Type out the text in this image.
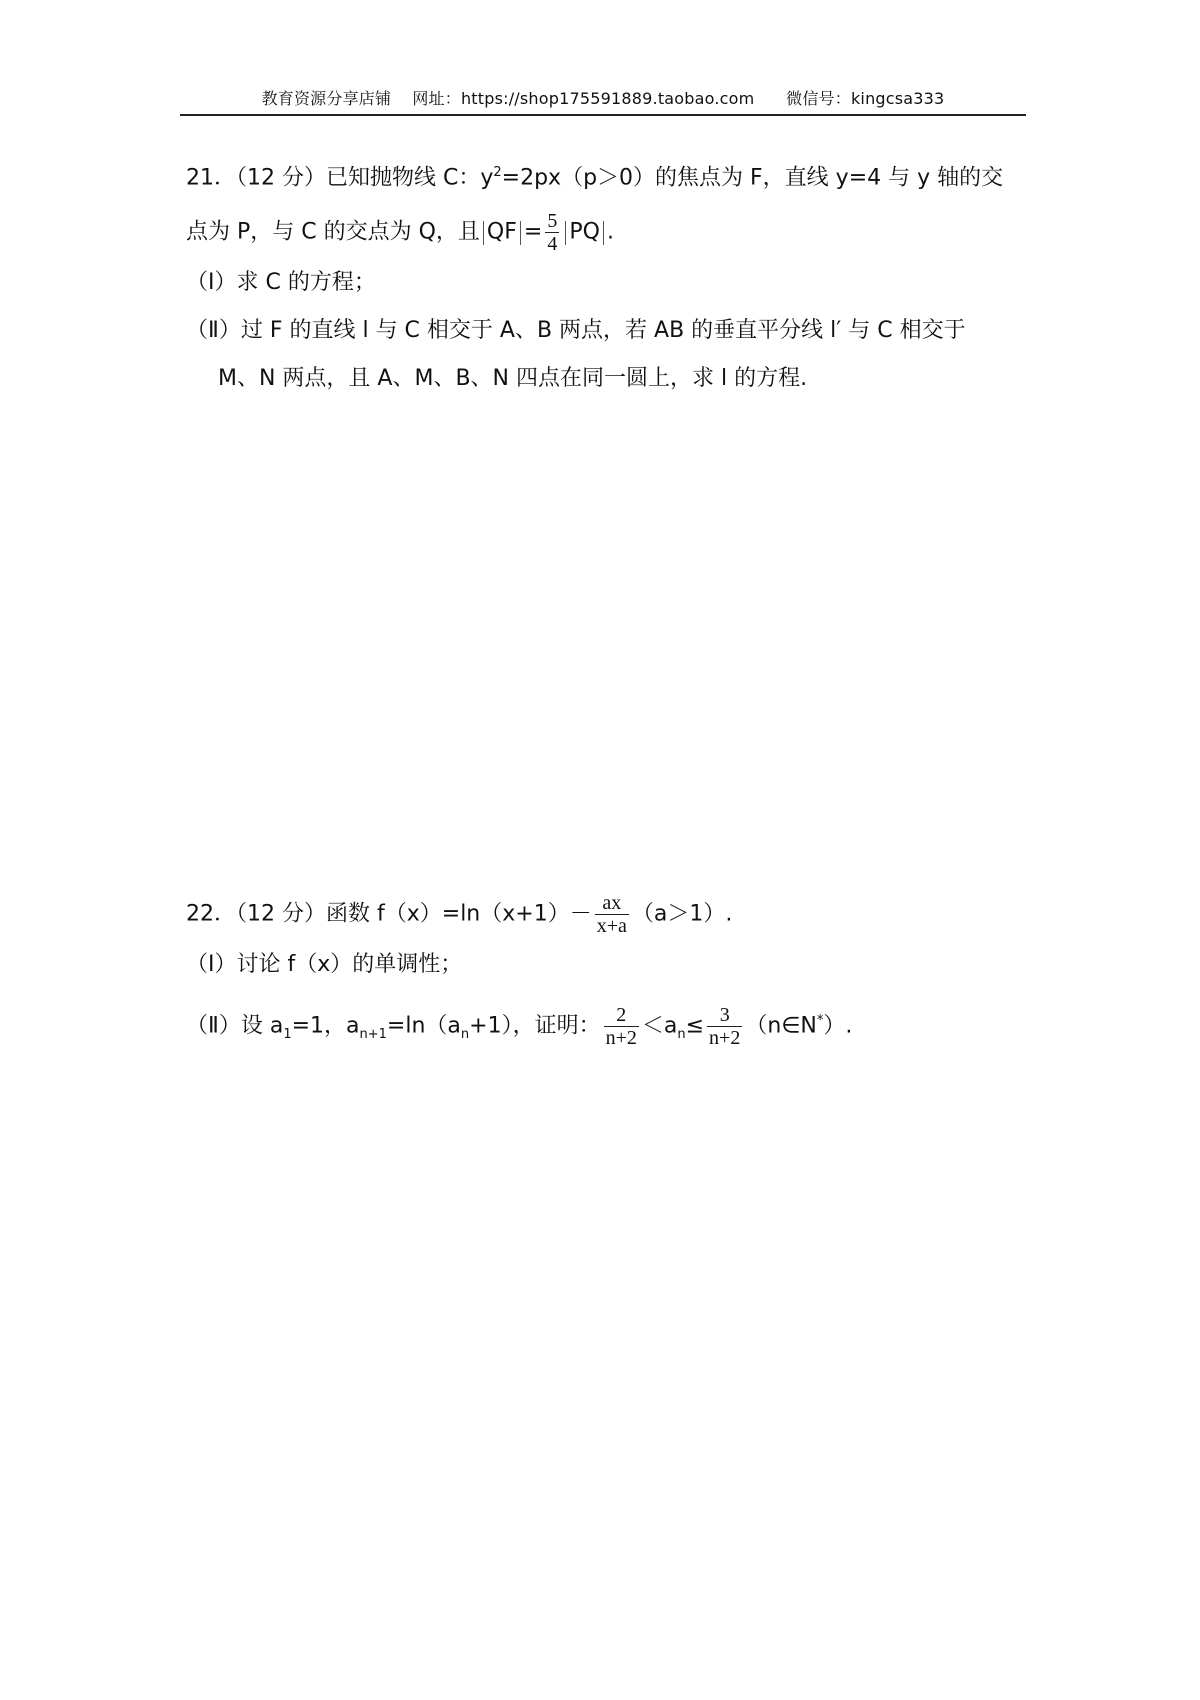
教育资源分享店铺 网址：https://shop175591889.taobao.com 微信号：kingcsa333
21．（12 分）已知抛物线 C：$y^2=2px(p>0)$的焦点为 F，直线 y=4 与 y 轴的交
点为 P，与 C 的交点为 Q，且 QF = $\frac{5}{4}$ PQ .
（Ⅰ）求 C 的方程；
（Ⅱ）过 F 的直线 l 与 C 相交于 A、B 两点，若 AB 的垂直平分线 l′ 与 C 相交于
M、N 两点，且 A、M、B、N 四点在同一圆上，求 l 的方程.
22．（12 分）函数 $f(x)=\ln(x+1)- \frac{ax}{x+a} (a>1)$.
（Ⅰ）讨论 f（x）的单调性；
（Ⅱ）设 $a_1=1$，$a_{n+1}=\ln(a_n+1)$，证明： $\frac{2}{n+2} <a_n\le \frac{3}{n+2}$ （n∈N*）.
